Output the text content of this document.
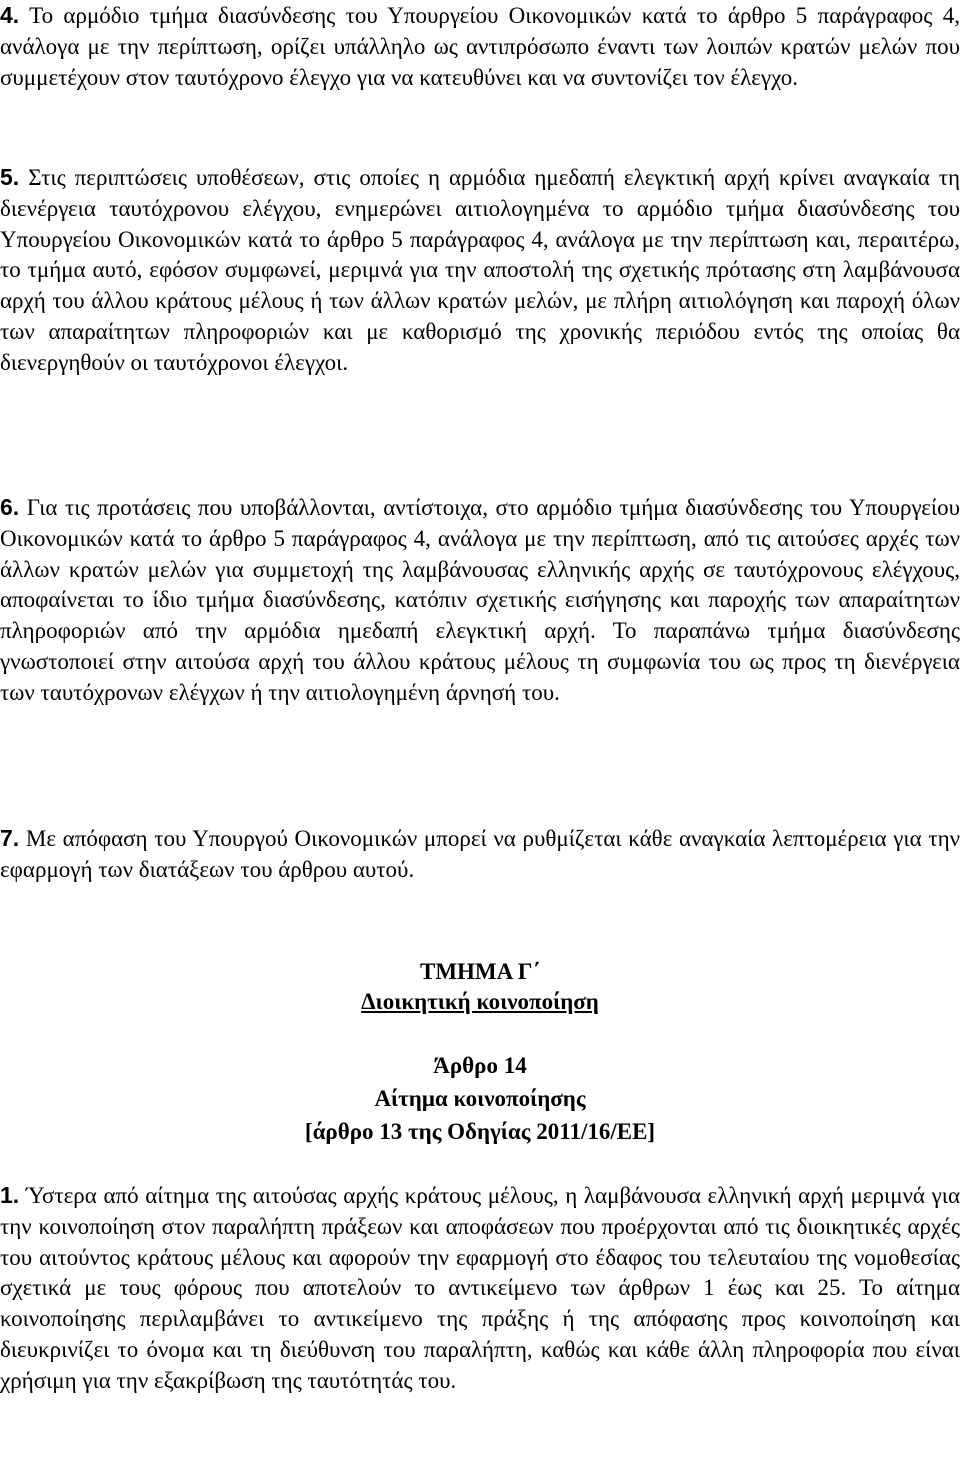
4. Το αρμόδιο τμήμα διασύνδεσης του Υπουργείου Οικονομικών κατά το άρθρο 5 παράγραφος 4, ανάλογα με την περίπτωση, ορίζει υπάλληλο ως αντιπρόσωπο έναντι των λοιπών κρατών μελών που συμμετέχουν στον ταυτόχρονο έλεγχο για να κατευθύνει και να συντονίζει τον έλεγχο.

5. Στις περιπτώσεις υποθέσεων, στις οποίες η αρμόδια ημεδαπή ελεγκτική αρχή κρίνει αναγκαία τη διενέργεια ταυτόχρονου ελέγχου, ενημερώνει αιτιολογημένα το αρμόδιο τμήμα διασύνδεσης του Υπουργείου Οικονομικών κατά το άρθρο 5 παράγραφος 4, ανάλογα με την περίπτωση και, περαιτέρω, το τμήμα αυτό, εφόσον συμφωνεί, μεριμνά για την αποστολή της σχετικής πρότασης στη λαμβάνουσα αρχή του άλλου κράτους μέλους ή των άλλων κρατών μελών, με πλήρη αιτιολόγηση και παροχή όλων των απαραίτητων πληροφοριών και με καθορισμό της χρονικής περιόδου εντός της οποίας θα διενεργηθούν οι ταυτόχρονοι έλεγχοι.

6. Για τις προτάσεις που υποβάλλονται, αντίστοιχα, στο αρμόδιο τμήμα διασύνδεσης του Υπουργείου Οικονομικών κατά το άρθρο 5 παράγραφος 4, ανάλογα με την περίπτωση, από τις αιτούσες αρχές των άλλων κρατών μελών για συμμετοχή της λαμβάνουσας ελληνικής αρχής σε ταυτόχρονους ελέγχους, αποφαίνεται το ίδιο τμήμα διασύνδεσης, κατόπιν σχετικής εισήγησης και παροχής των απαραίτητων πληροφοριών από την αρμόδια ημεδαπή ελεγκτική αρχή. Το παραπάνω τμήμα διασύνδεσης γνωστοποιεί στην αιτούσα αρχή του άλλου κράτους μέλους τη συμφωνία του ως προς τη διενέργεια των ταυτόχρονων ελέγχων ή την αιτιολογημένη άρνησή του.

7. Με απόφαση του Υπουργού Οικονομικών μπορεί να ρυθμίζεται κάθε αναγκαία λεπτομέρεια για την εφαρμογή των διατάξεων του άρθρου αυτού.

ΤΜΗΜΑ Γ΄
Διοικητική κοινοποίηση
Άρθρο 14
Αίτημα κοινοποίησης
[άρθρο 13 της Οδηγίας 2011/16/ΕΕ]

1. Ύστερα από αίτημα της αιτούσας αρχής κράτους μέλους, η λαμβάνουσα ελληνική αρχή μεριμνά για την κοινοποίηση στον παραλήπτη πράξεων και αποφάσεων που προέρχονται από τις διοικητικές αρχές του αιτούντος κράτους μέλους και αφορούν την εφαρμογή στο έδαφος του τελευταίου της νομοθεσίας σχετικά με τους φόρους που αποτελούν το αντικείμενο των άρθρων 1 έως και 25. Το αίτημα κοινοποίησης περιλαμβάνει το αντικείμενο της πράξης ή της απόφασης προς κοινοποίηση και διευκρινίζει το όνομα και τη διεύθυνση του παραλήπτη, καθώς και κάθε άλλη πληροφορία που είναι χρήσιμη για την εξακρίβωση της ταυτότητάς του.
